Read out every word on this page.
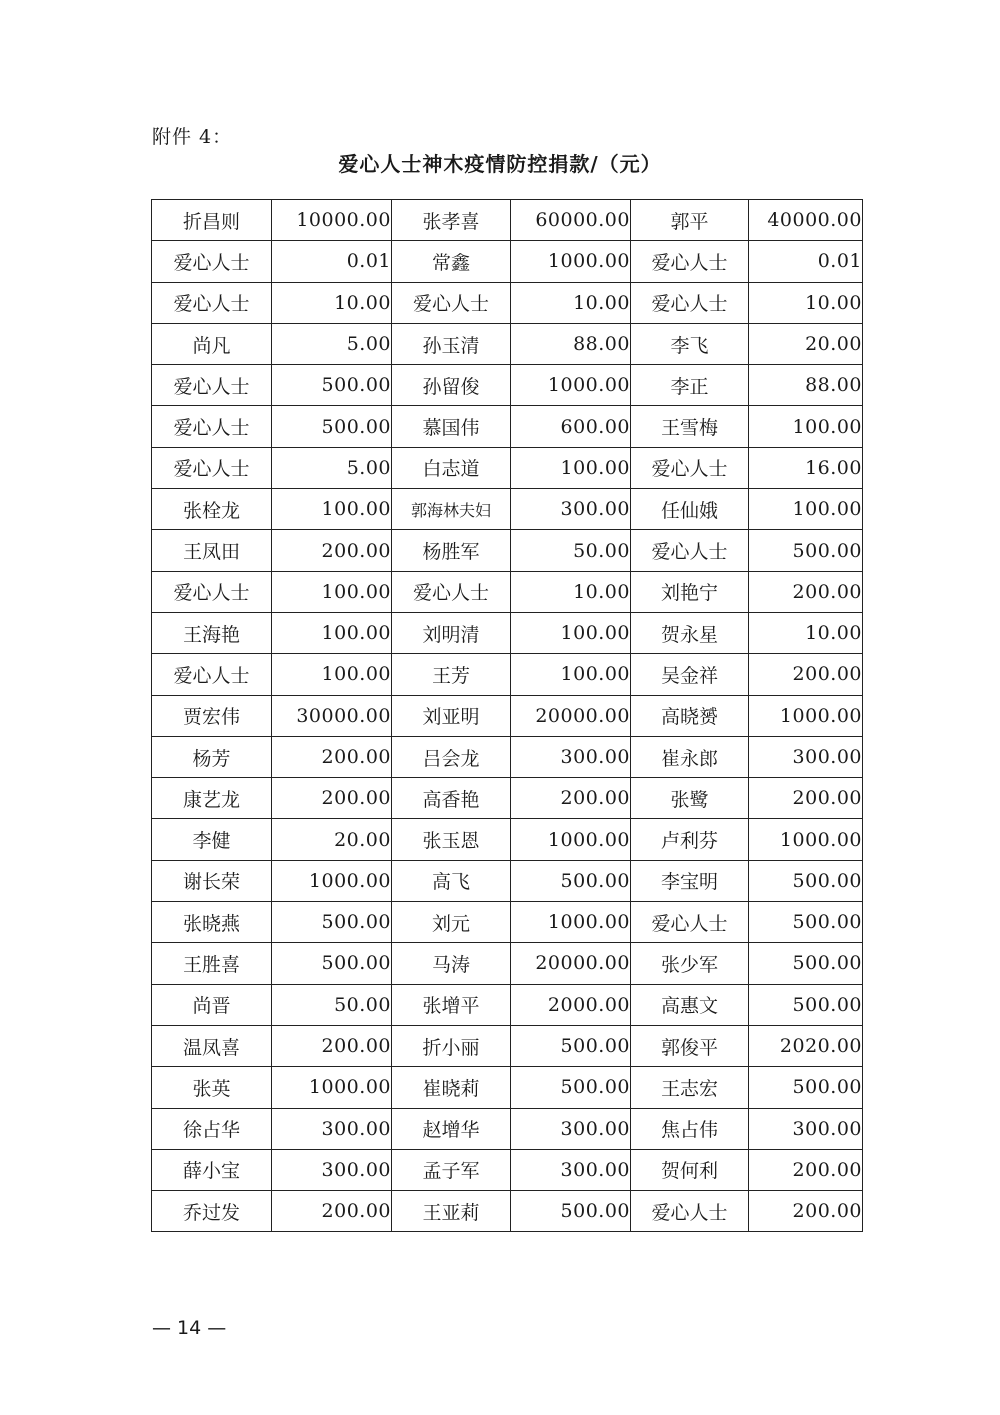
附件 4：
爱心人士神木疫情防控捐款/（元）
折昌则	10000.00	张孝喜	60000.00	郭平	40000.00
爱心人士	0.01	常鑫	1000.00	爱心人士	0.01
爱心人士	10.00	爱心人士	10.00	爱心人士	10.00
尚凡	5.00	孙玉清	88.00	李飞	20.00
爱心人士	500.00	孙留俊	1000.00	李正	88.00
爱心人士	500.00	慕国伟	600.00	王雪梅	100.00
爱心人士	5.00	白志道	100.00	爱心人士	16.00
张栓龙	100.00	郭海林夫妇	300.00	任仙娥	100.00
王凤田	200.00	杨胜军	50.00	爱心人士	500.00
爱心人士	100.00	爱心人士	10.00	刘艳宁	200.00
王海艳	100.00	刘明清	100.00	贺永星	10.00
爱心人士	100.00	王芳	100.00	吴金祥	200.00
贾宏伟	30000.00	刘亚明	20000.00	高晓赟	1000.00
杨芳	200.00	吕会龙	300.00	崔永郎	300.00
康艺龙	200.00	高香艳	200.00	张鹭	200.00
李健	20.00	张玉恩	1000.00	卢利芬	1000.00
谢长荣	1000.00	高飞	500.00	李宝明	500.00
张晓燕	500.00	刘元	1000.00	爱心人士	500.00
王胜喜	500.00	马涛	20000.00	张少军	500.00
尚晋	50.00	张增平	2000.00	高惠文	500.00
温凤喜	200.00	折小丽	500.00	郭俊平	2020.00
张英	1000.00	崔晓莉	500.00	王志宏	500.00
徐占华	300.00	赵增华	300.00	焦占伟	300.00
薛小宝	300.00	孟子军	300.00	贺何利	200.00
乔过发	200.00	王亚莉	500.00	爱心人士	200.00
— 14 —
